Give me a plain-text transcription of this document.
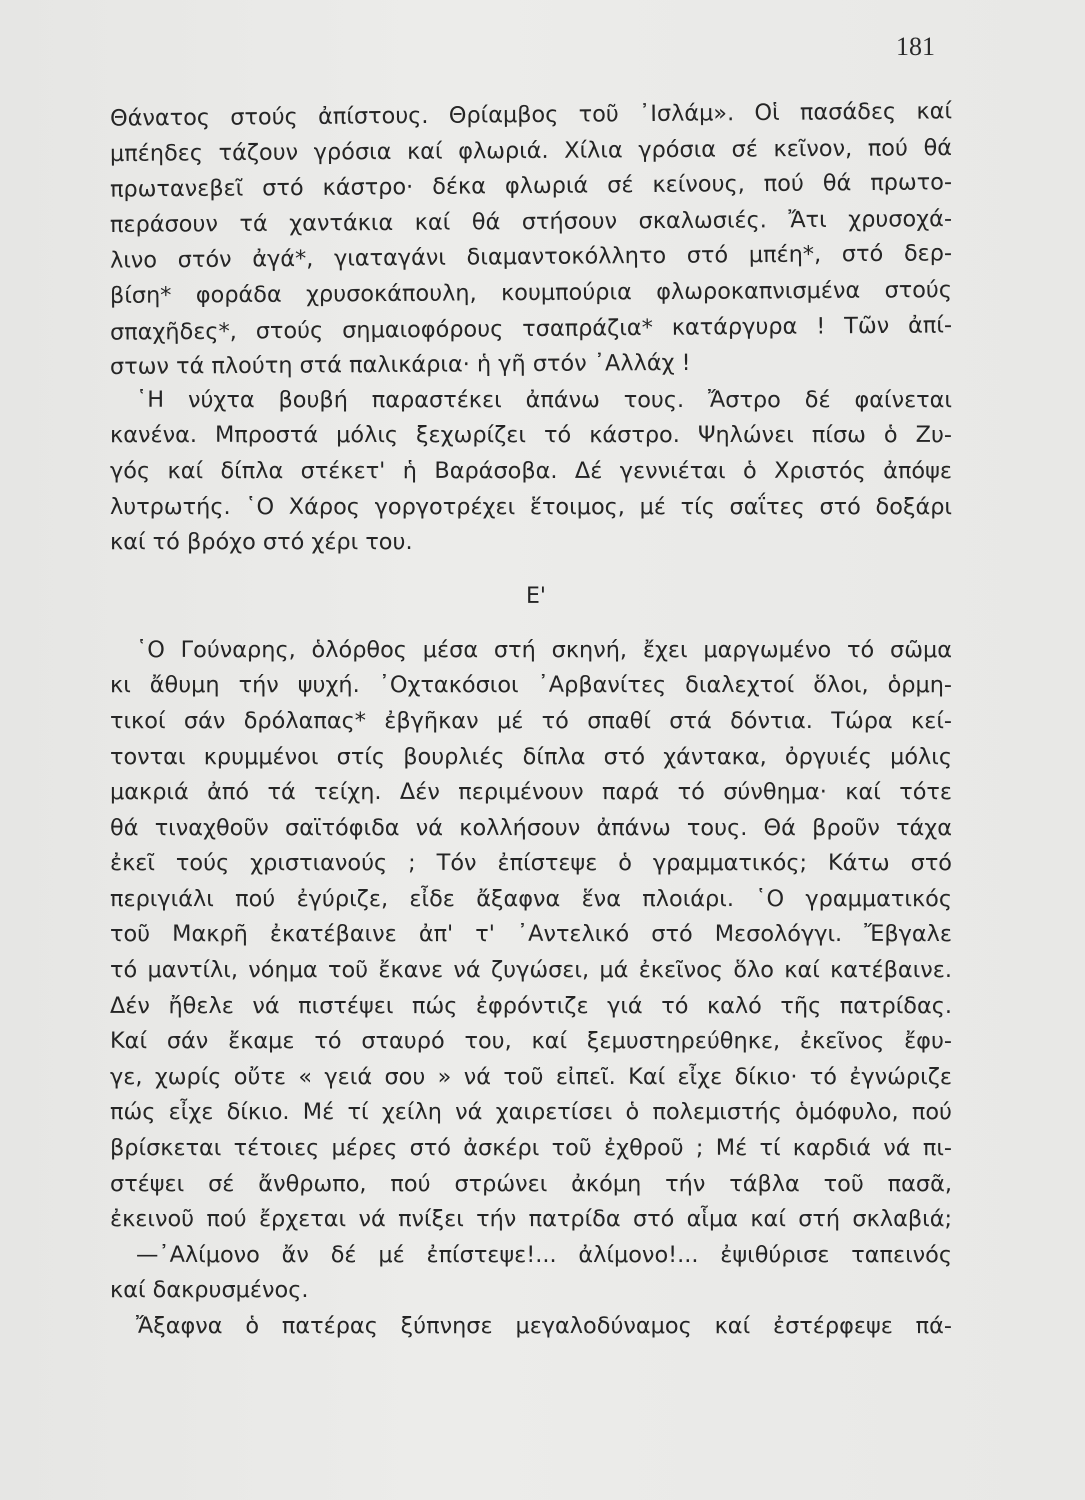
181
Θάνατος στούς ἀπίστους. Θρίαμβος τοῦ ᾿Ισλάμ». Οἱ πασάδες καί
μπέηδες τάζουν γρόσια καί φλωριά. Χίλια γρόσια σέ κεῖνον, πού θά
πρωτανεβεῖ στό κάστρο· δέκα φλωριά σέ κείνους, πού θά πρωτο-
περάσουν τά χαντάκια καί θά στήσουν σκαλωσιές. Ἄτι χρυσοχά-
λινο στόν ἀγά*, γιαταγάνι διαμαντοκόλλητο στό μπέη*, στό δερ-
βίση* φοράδα χρυσοκάπουλη, κουμπούρια φλωροκαπνισμένα στούς
σπαχῆδες*, στούς σημαιοφόρους τσαπράζια* κατάργυρα ! Τῶν ἀπί-
στων τά πλούτη στά παλικάρια· ἡ γῆ στόν ᾿Αλλάχ !
῾Η νύχτα βουβή παραστέκει ἀπάνω τους. Ἄστρο δέ φαίνεται
κανένα. Μπροστά μόλις ξεχωρίζει τό κάστρο. Ψηλώνει πίσω ὁ Ζυ-
γός καί δίπλα στέκετ' ἡ Βαράσοβα. Δέ γεννιέται ὁ Χριστός ἀπόψε
λυτρωτής. ῾Ο Χάρος γοργοτρέχει ἕτοιμος, μέ τίς σαΐτες στό δοξάρι
καί τό βρόχο στό χέρι του.
Ε'
῾Ο Γούναρης, ὁλόρθος μέσα στή σκηνή, ἔχει μαργωμένο τό σῶμα
κι ἄθυμη τήν ψυχή. ᾿Οχτακόσιοι ᾿Αρβανίτες διαλεχτοί ὅλοι, ὁρμη-
τικοί σάν δρόλαπας* ἐβγῆκαν μέ τό σπαθί στά δόντια. Τώρα κεί-
τονται κρυμμένοι στίς βουρλιές δίπλα στό χάντακα, ὀργυιές μόλις
μακριά ἀπό τά τείχη. Δέν περιμένουν παρά τό σύνθημα· καί τότε
θά τιναχθοῦν σαϊτόφιδα νά κολλήσουν ἀπάνω τους. Θά βροῦν τάχα
ἐκεῖ τούς χριστιανούς ; Τόν ἐπίστεψε ὁ γραμματικός; Κάτω στό
περιγιάλι πού ἐγύριζε, εἶδε ἄξαφνα ἕνα πλοιάρι. ῾Ο γραμματικός
τοῦ Μακρῆ ἐκατέβαινε ἀπ' τ' ᾿Αντελικό στό Μεσολόγγι. Ἔβγαλε
τό μαντίλι, νόημα τοῦ ἔκανε νά ζυγώσει, μά ἐκεῖνος ὅλο καί κατέβαινε.
Δέν ἤθελε νά πιστέψει πώς ἐφρόντιζε γιά τό καλό τῆς πατρίδας.
Καί σάν ἔκαμε τό σταυρό του, καί ξεμυστηρεύθηκε, ἐκεῖνος ἔφυ-
γε, χωρίς οὔτε « γειά σου » νά τοῦ εἰπεῖ. Καί εἶχε δίκιο· τό ἐγνώριζε
πώς εἶχε δίκιο. Μέ τί χείλη νά χαιρετίσει ὁ πολεμιστής ὁμόφυλο, πού
βρίσκεται τέτοιες μέρες στό ἀσκέρι τοῦ ἐχθροῦ ; Μέ τί καρδιά νά πι-
στέψει σέ ἄνθρωπο, πού στρώνει ἀκόμη τήν τάβλα τοῦ πασᾶ,
ἐκεινοῦ πού ἔρχεται νά πνίξει τήν πατρίδα στό αἷμα καί στή σκλαβιά;
—᾿Αλίμονο ἄν δέ μέ ἐπίστεψε!... ἀλίμονο!... ἐψιθύρισε ταπεινός
καί δακρυσμένος.
Ἄξαφνα ὁ πατέρας ξύπνησε μεγαλοδύναμος καί ἐστέρφεψε πά-
